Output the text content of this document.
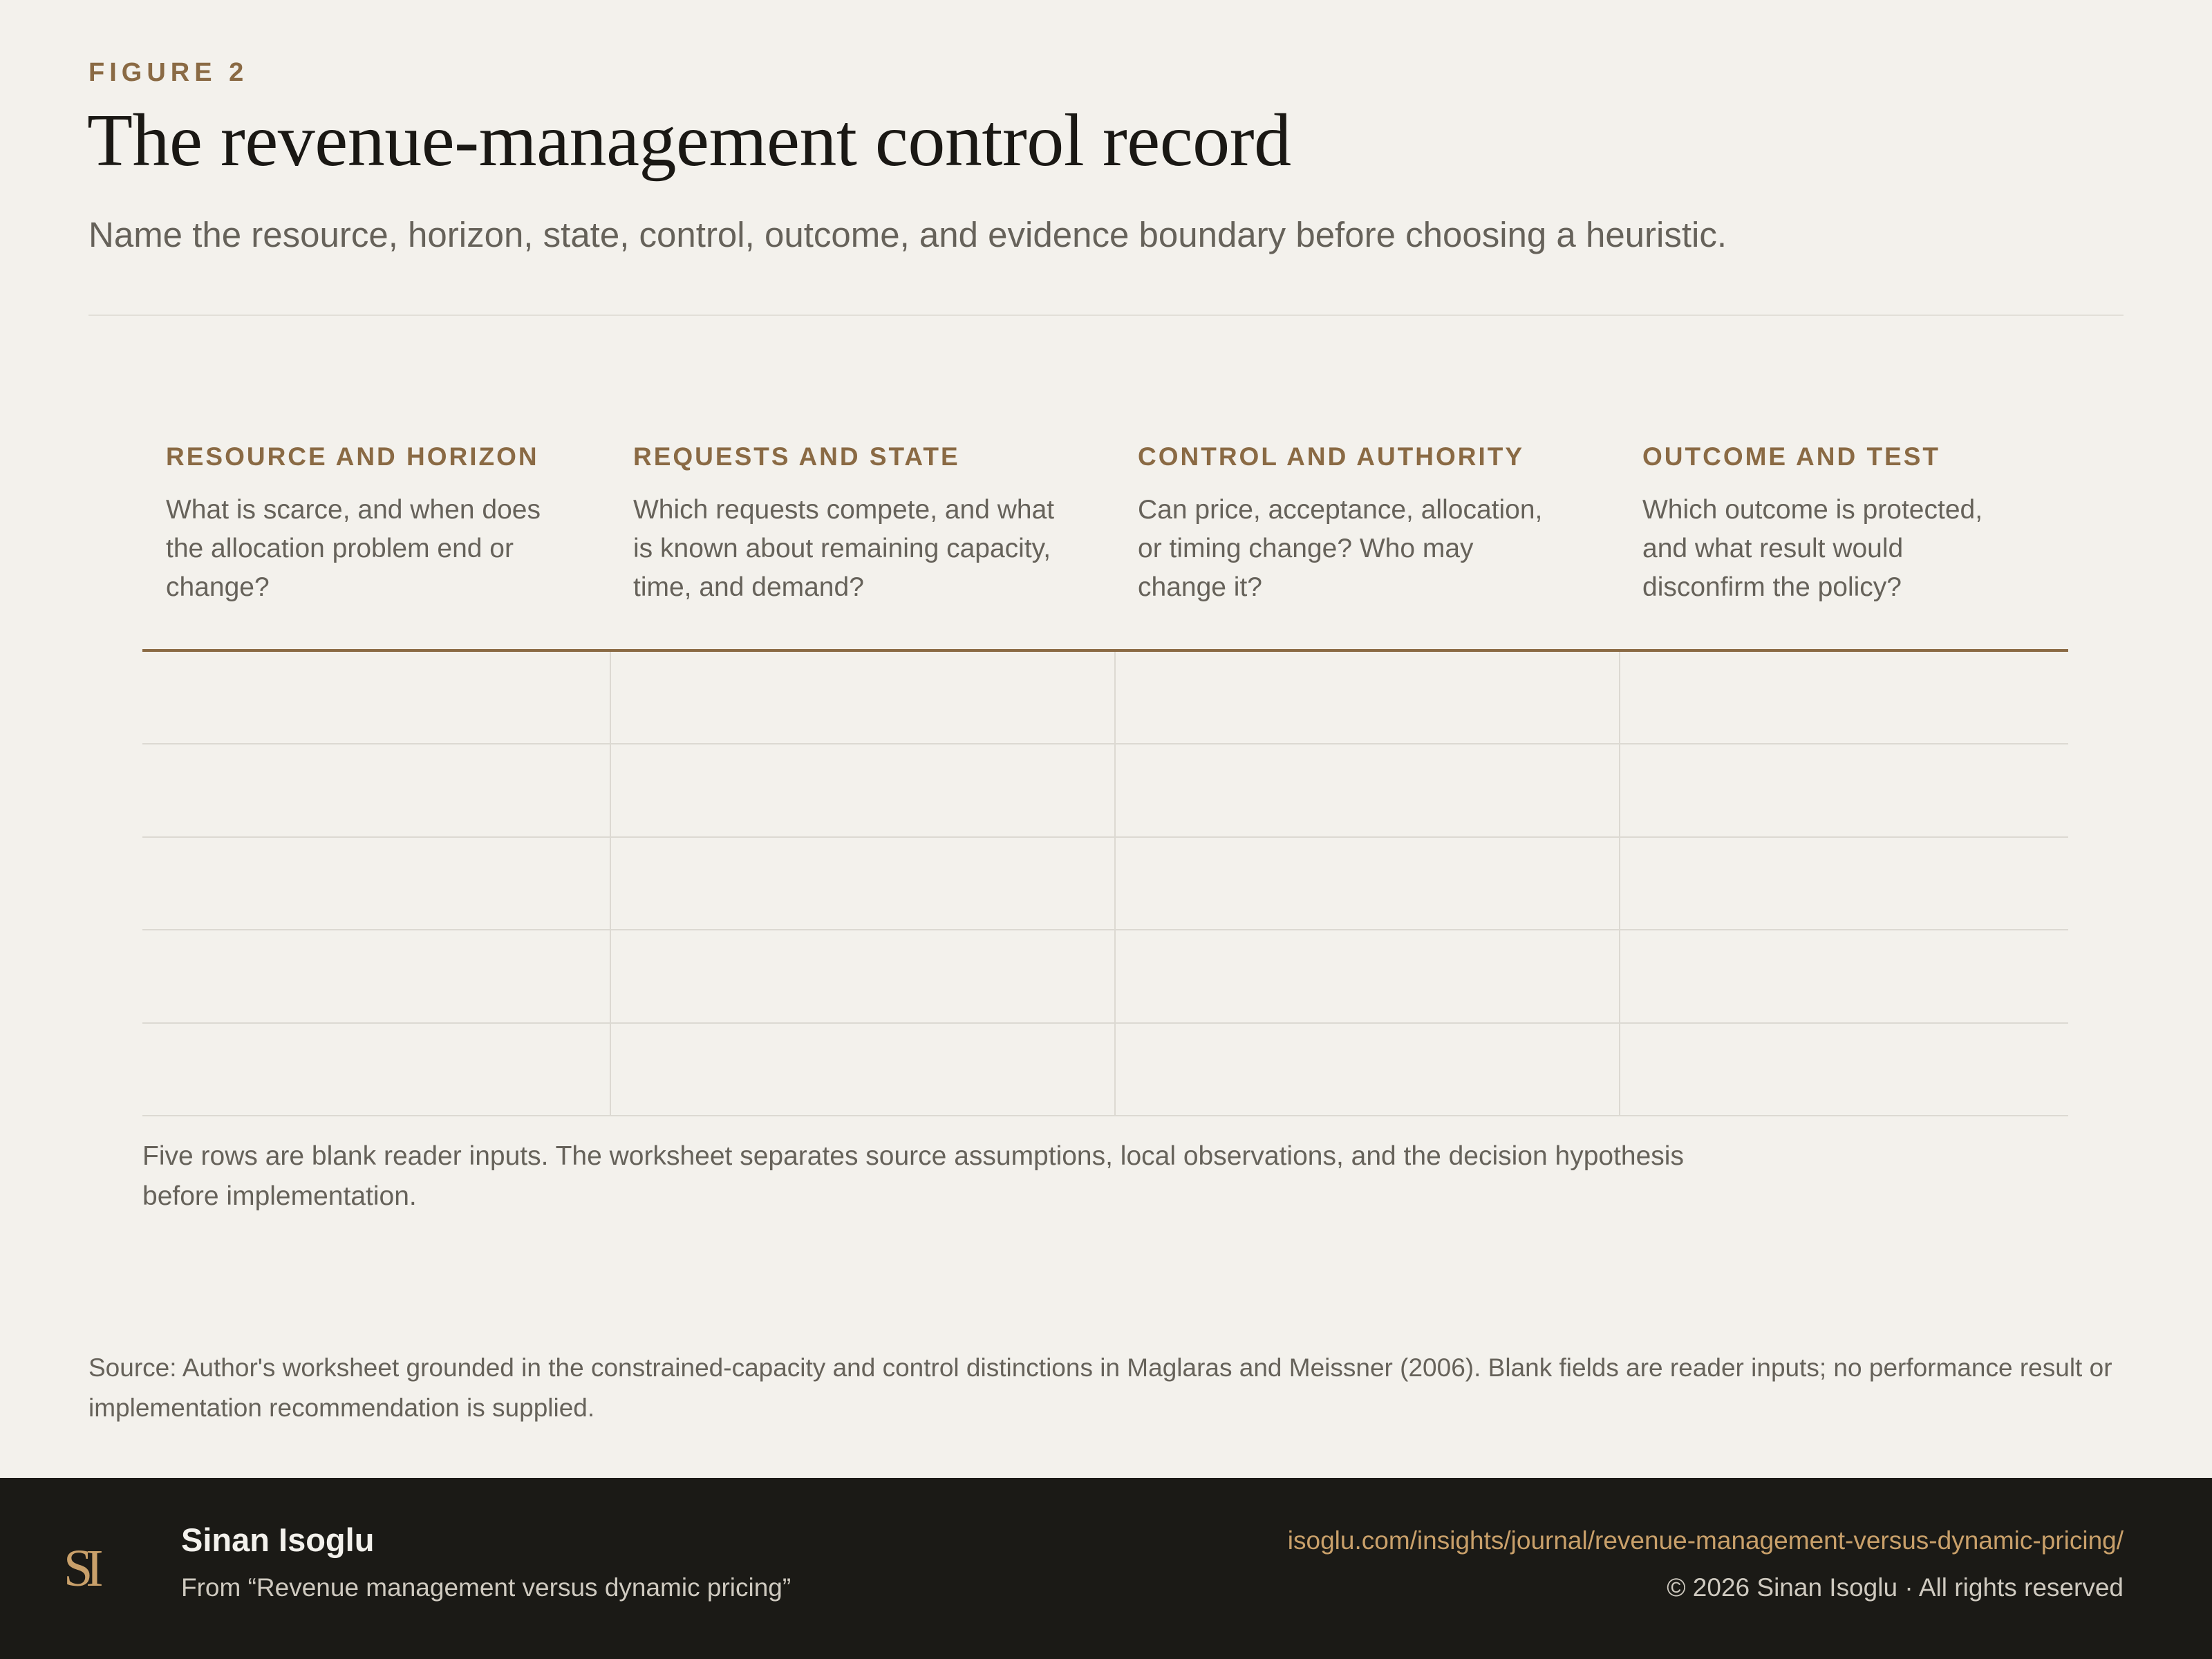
FIGURE 2
The revenue-management control record
Name the resource, horizon, state, control, outcome, and evidence boundary before choosing a heuristic.
RESOURCE AND HORIZON
What is scarce, and when does the allocation problem end or change?
REQUESTS AND STATE
Which requests compete, and what is known about remaining capacity, time, and demand?
CONTROL AND AUTHORITY
Can price, acceptance, allocation, or timing change? Who may change it?
OUTCOME AND TEST
Which outcome is protected, and what result would disconfirm the policy?
Five rows are blank reader inputs. The worksheet separates source assumptions, local observations, and the decision hypothesis before implementation.
Source: Author's worksheet grounded in the constrained-capacity and control distinctions in Maglaras and Meissner (2006). Blank fields are reader inputs; no performance result or implementation recommendation is supplied.
SI	Sinan Isoglu
From “Revenue management versus dynamic pricing”
isoglu.com/insights/journal/revenue-management-versus-dynamic-pricing/
© 2026 Sinan Isoglu · All rights reserved
